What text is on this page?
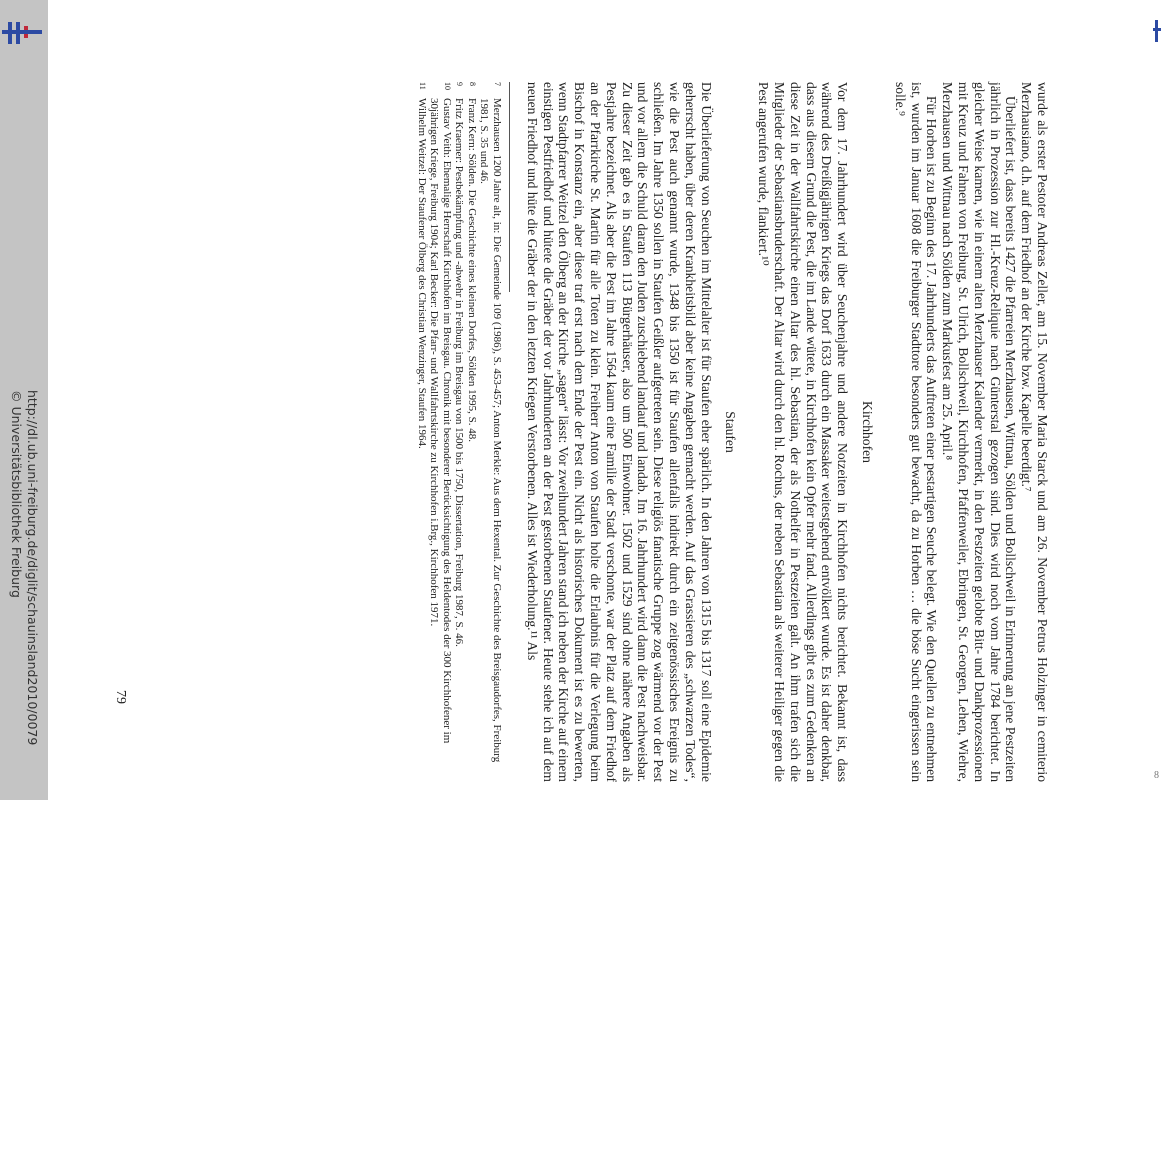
http://dl.ub.uni-freiburg.de/diglit/schauinsland2010/0079
© Universitätsbibliothek Freiburg
8

wurde als erster Pestoter Andreas Zeller, am 15. November Maria Starck und am 26. November Petrus Holzinger in cemiterio Merzhausiano, d.h. auf dem Friedhof an der Kirche bzw. Kapelle beerdigt.⁷

Überliefert ist, dass bereits 1427 die Pfarreien Merzhausen, Wittnau, Sölden und Bollschweil in Erinnerung an jene Pestzeiten jährlich in Prozession zur Hl.-Kreuz-Reliquie nach Günterstal gezogen sind. Dies wird noch vom Jahre 1784 berichtet. In gleicher Weise kamen, wie in einem alten Merzhauser Kalender vermerkt, in den Pestzeiten gelobte Bitt- und Dankprozessionen mit Kreuz und Fahnen von Freiburg, St. Ulrich, Bollschweil, Kirchhofen, Pfaffenweiler, Ebringen, St. Georgen, Lehen, Wiehre, Merzhausen und Wittnau nach Sölden zum Markusfest am 25. April.⁸

Für Horben ist zu Beginn des 17. Jahrhunderts das Auftreten einer pestartigen Seuche belegt. Wie den Quellen zu entnehmen ist, wurden im Januar 1608 die Freiburger Stadttore besonders gut bewacht, da zu Horben … die böse Sucht eingerissen sein solle.⁹

Kirchhofen

Vor dem 17. Jahrhundert wird über Seuchenjahre und andere Notzeiten in Kirchhofen nichts berichtet. Bekannt ist, dass während des Dreißigjährigen Kriegs das Dorf 1633 durch ein Massaker weitestgehend entvölkert wurde. Es ist daher denkbar, dass aus diesem Grund die Pest, die im Lande wütete, in Kirchhofen kein Opfer mehr fand. Allerdings gibt es zum Gedenken an diese Zeit in der Wallfahrtskirche einen Altar des hl. Sebastian, der als Nothelfer in Pestzeiten galt. An ihm trafen sich die Mitglieder der Sebastiansbruderschaft. Der Altar wird durch den hl. Rochus, der neben Sebastian als weiterer Heiliger gegen die Pest angerufen wurde, flankiert.¹⁰

Staufen

Die Überlieferung von Seuchen im Mittelalter ist für Staufen eher spärlich. In den Jahren von 1315 bis 1317 soll eine Epidemie geherrscht haben, über deren Krankheitsbild aber keine Angaben gemacht werden. Auf das Grassieren des „schwarzen Todes“, wie die Pest auch genannt wurde, 1348 bis 1350 ist für Staufen allenfalls indirekt durch ein zeitgenössisches Ereignis zu schließen. Im Jahre 1350 sollen in Staufen Geißler aufgetreten sein. Diese religiös fanatische Gruppe zog wärmend vor der Pest und vor allem die Schuld daran den Juden zuschiebend landauf und landab. Im 16. Jahrhundert wird dann die Pest nachweisbar. Zu dieser Zeit gab es in Staufen 113 Bürgerhäuser, also um 500 Einwohner. 1502 und 1529 sind ohne nähere Angaben als Pestjahre bezeichnet. Als aber die Pest im Jahre 1564 kaum eine Familie der Stadt verschonte, war der Platz auf dem Friedhof an der Pfarrkirche St. Martin für alle Toten zu klein. Freiherr Anton von Staufen holte die Erlaubnis für die Verlegung beim Bischof in Konstanz ein, aber diese traf erst nach dem Ende der Pest ein. Nicht als historisches Dokument ist es zu bewerten, wenn Stadtpfarrer Weitzel den Ölberg an der Kirche „sagen“ lässt: Vor zweihundert Jahren stand ich neben der Kirche auf einem einstigen Pestfriedhof und hütete die Gräber der vor Jahrhunderten an der Pest gestorbenen Staufener. Heute stehe ich auf dem neuen Friedhof und hüte die Gräber der in den letzten Kriegen Verstorbenen. Alles ist Wiederholung.¹¹ Als

7
Merzhausen 1200 Jahre alt, in: Die Gemeinde 109 (1986), S. 453-457; Anton Merkle: Aus dem Hexental. Zur Geschichte des Breisgaudorfes, Freiburg 1981, S. 35 und 46.
8
Franz Kern: Sölden. Die Geschichte eines kleinen Dorfes, Sölden 1995, S. 48.
9
Fritz Kraemer: Pestbekämpfung und -abwehr in Freiburg im Breisgau von 1500 bis 1750, Dissertation, Freiburg 1987, S. 46.
10
Gustav Veith: Ehemalige Herrschaft Kirchhofen im Breisgau. Chronik mit besonderer Berücksichtigung des Heldentodes der 300 Kirchhofener im 30jährigen Kriege, Freiburg 1904; Karl Becker: Die Pfarr- und Wallfahrtskirche zu Kirchhofen i.Brg., Kirchhofen 1971.
11
Wilhelm Weitzel: Der Staufener Ölberg des Christian Wenzinger, Staufen 1964.
79
